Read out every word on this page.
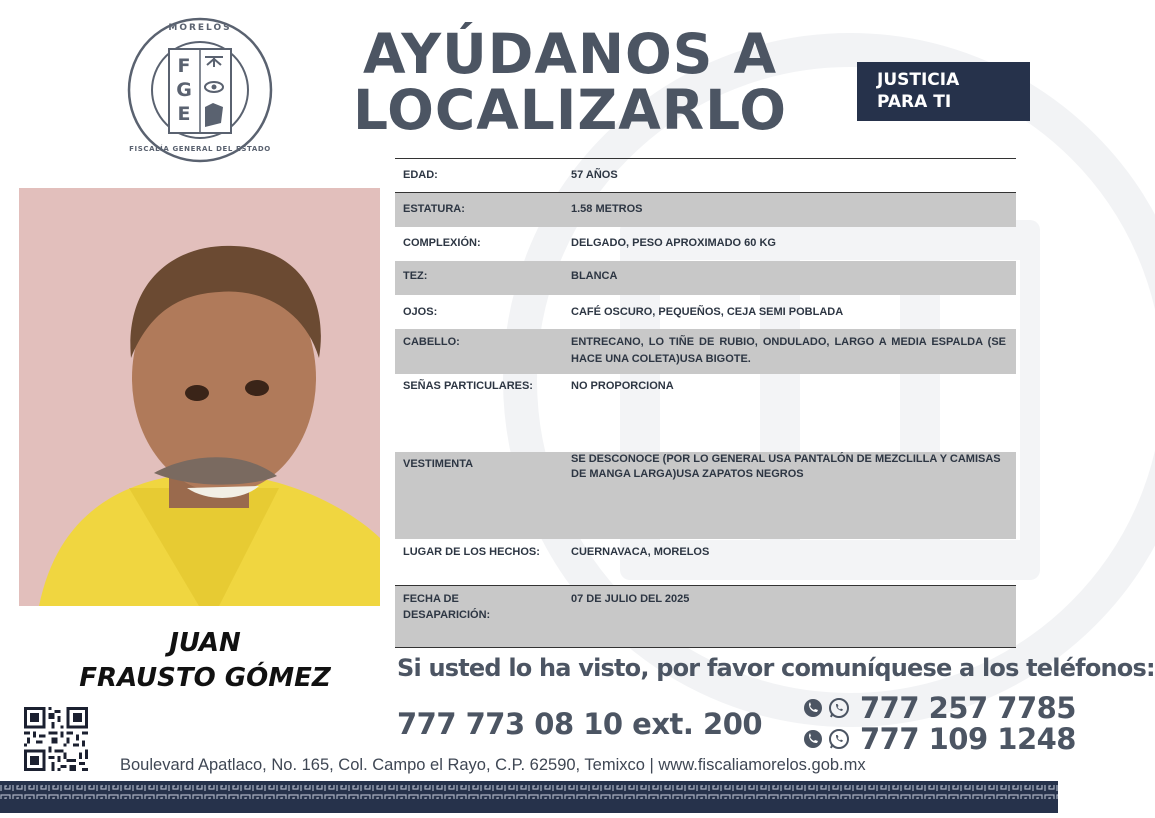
F
G
E
MORELOS
FISCALÍA GENERAL DEL ESTADO
AYÚDANOS A
LOCALIZARLO	JUSTICIA
PARA TI
JUAN
FRAUSTO GÓMEZ
EDAD:	57 AÑOS
ESTATURA:	1.58 METROS
COMPLEXIÓN:	DELGADO, PESO APROXIMADO 60 KG
TEZ:	BLANCA
OJOS:	CAFÉ OSCURO, PEQUEÑOS, CEJA SEMI POBLADA
CABELLO:	ENTRECANO, LO TIÑE DE RUBIO, ONDULADO, LARGO A MEDIA ESPALDA (SE HACE UNA COLETA)USA BIGOTE.
SEÑAS PARTICULARES:	NO PROPORCIONA
VESTIMENTA	SE DESCONOCE (POR LO GENERAL USA PANTALÓN DE MEZCLILLA Y CAMISAS DE MANGA LARGA)USA ZAPATOS NEGROS
LUGAR DE LOS HECHOS:	CUERNAVACA, MORELOS
FECHA DE DESAPARICIÓN:
07 DE JULIO DEL 2025
Si usted lo ha visto, por favor comuníquese a los teléfonos:
777 773 08 10 ext. 200	777 257 7785
777 109 1248
Boulevard Apatlaco, No. 165, Col. Campo el Rayo, C.P. 62590, Temixco | www.fiscaliamorelos.gob.mx
